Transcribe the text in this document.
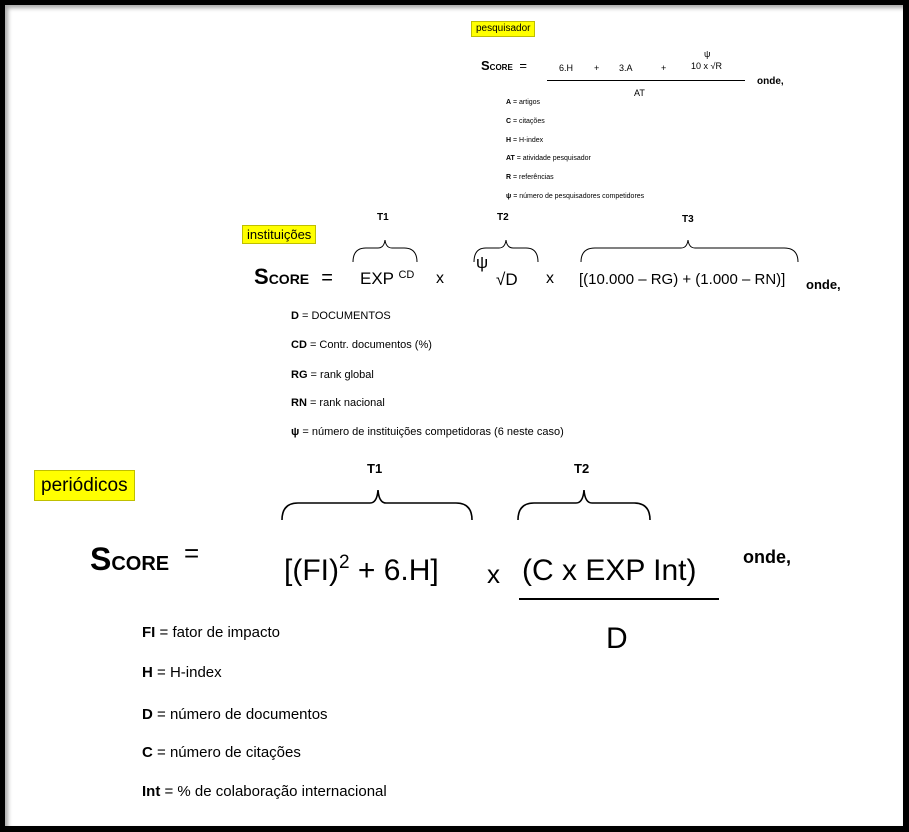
pesquisador
SCORE =	6.H + 3.A	+
ψ
10 x √R
AT
onde,
A = artigos
C = citações
H = H-index
AT = atividade pesquisador
R = referências
ψ = número de pesquisadores competidores
instituições
T1	T2	T3
SCORE = EXP $^{CD}$ x
ψ
√D x [(10.000 – RG) + (1.000 – RN)] onde,
D = DOCUMENTOS
CD = Contr. documentos (%)
RG = rank global
RN = rank nacional
ψ = número de instituições competidoras (6 neste caso)
periódicos
T1	T2
SCORE =
[(FI)$^2$ + 6.H] x (C x EXP Int)
D
onde,
FI = fator de impacto
H = H-index
D = número de documentos
C = número de citações
Int = % de colaboração internacional
